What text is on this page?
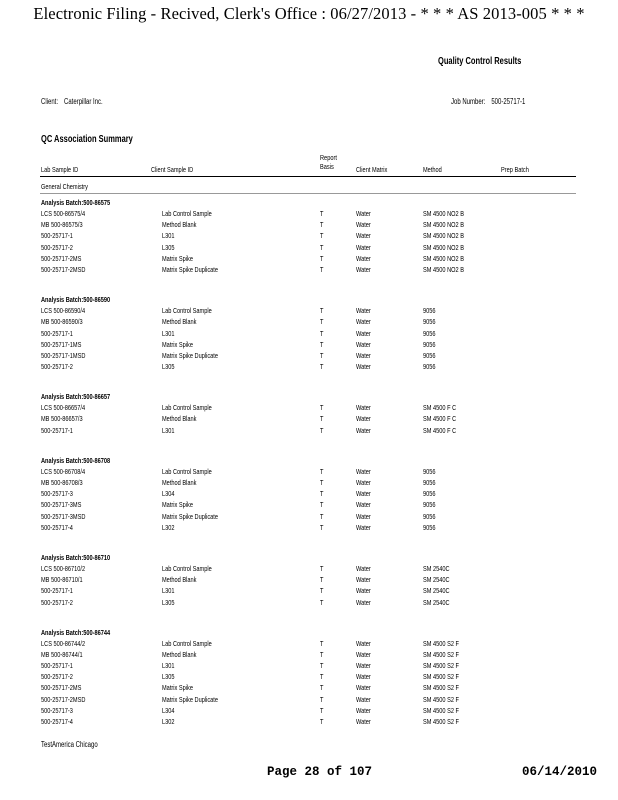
Electronic Filing - Recived, Clerk's Office : 06/27/2013 - * * * AS 2013-005 * * *
Quality Control Results
Client: Caterpillar Inc.	Job Number: 500-25717-1
QC Association Summary
Lab Sample ID	Client Sample ID
Report
Basis	Client Matrix	Method	Prep Batch
General Chemistry
Analysis Batch:500-86575
LCS 500-86575/4	Lab Control Sample	T	Water	SM 4500 NO2 B
MB 500-86575/3	Method Blank	T	Water	SM 4500 NO2 B
500-25717-1	L301	T	Water	SM 4500 NO2 B
500-25717-2	L305	T	Water	SM 4500 NO2 B
500-25717-2MS	Matrix Spike	T	Water	SM 4500 NO2 B
500-25717-2MSD	Matrix Spike Duplicate	T	Water	SM 4500 NO2 B
Analysis Batch:500-86590
LCS 500-86590/4	Lab Control Sample	T	Water	9056
MB 500-86590/3	Method Blank	T	Water	9056
500-25717-1	L301	T	Water	9056
500-25717-1MS	Matrix Spike	T	Water	9056
500-25717-1MSD	Matrix Spike Duplicate	T	Water	9056
500-25717-2	L305	T	Water	9056
Analysis Batch:500-86657
LCS 500-86657/4	Lab Control Sample	T	Water	SM 4500 F C
MB 500-86657/3	Method Blank	T	Water	SM 4500 F C
500-25717-1	L301	T	Water	SM 4500 F C
Analysis Batch:500-86708
LCS 500-86708/4	Lab Control Sample	T	Water	9056
MB 500-86708/3	Method Blank	T	Water	9056
500-25717-3	L304	T	Water	9056
500-25717-3MS	Matrix Spike	T	Water	9056
500-25717-3MSD	Matrix Spike Duplicate	T	Water	9056
500-25717-4	L302	T	Water	9056
Analysis Batch:500-86710
LCS 500-86710/2	Lab Control Sample	T	Water	SM 2540C
MB 500-86710/1	Method Blank	T	Water	SM 2540C
500-25717-1	L301	T	Water	SM 2540C
500-25717-2	L305	T	Water	SM 2540C
Analysis Batch:500-86744
LCS 500-86744/2	Lab Control Sample	T	Water	SM 4500 S2 F
MB 500-86744/1	Method Blank	T	Water	SM 4500 S2 F
500-25717-1	L301	T	Water	SM 4500 S2 F
500-25717-2	L305	T	Water	SM 4500 S2 F
500-25717-2MS	Matrix Spike	T	Water	SM 4500 S2 F
500-25717-2MSD	Matrix Spike Duplicate	T	Water	SM 4500 S2 F
500-25717-3	L304	T	Water	SM 4500 S2 F
500-25717-4	L302	T	Water	SM 4500 S2 F
TestAmerica Chicago
Page 28 of 107	06/14/2010
